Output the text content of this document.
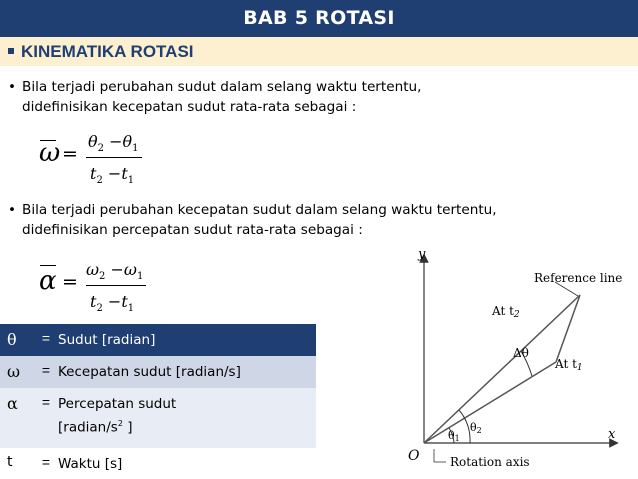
BAB 5 ROTASI
KINEMATIKA ROTASI
• Bila terjadi perubahan sudut dalam selang waktu tertentu,
didefinisikan kecepatan sudut rata-rata sebagai :
ω =
$\theta_2 -\theta_1$
$t_2 -t_1$
• Bila terjadi perubahan kecepatan sudut dalam selang waktu tertentu,
didefinisikan percepatan sudut rata-rata sebagai :
α =
$\omega_2 -\omega_1$
$t_2 -t_1$
θ	= Sudut [radian]
ω	= Kecepatan sudut [radian/s]
α	= Percepatan sudut
[$radian/s^2$ ]
t	= Waktu [s]
y
x
O
Reference line
At t2
At t1
Δθ
θ1
θ2
Rotation axis
